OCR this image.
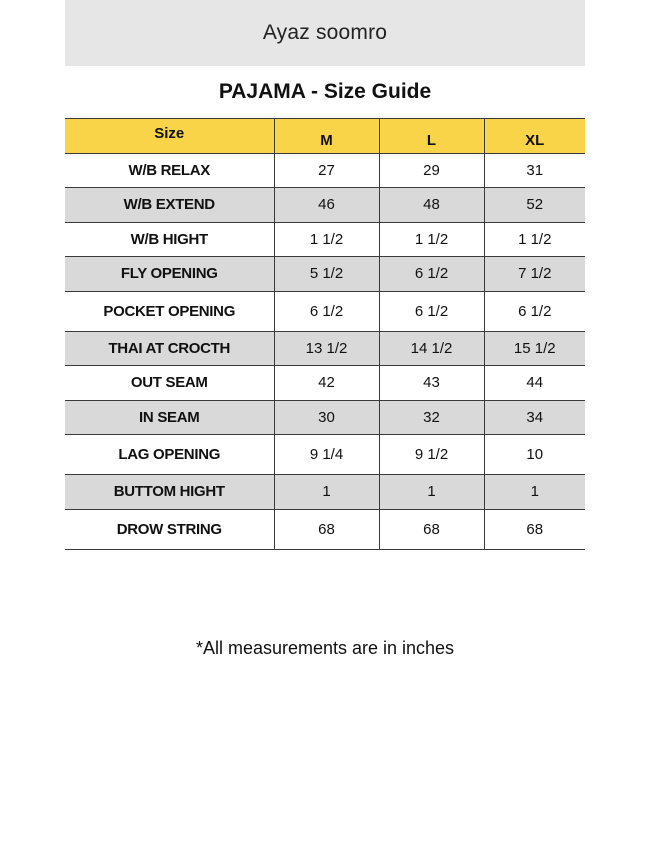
Ayaz soomro
PAJAMA - Size Guide
Size	M	L	XL
W/B RELAX	27	29	31
W/B EXTEND	46	48	52
W/B HIGHT	1 1/2	1 1/2	1 1/2
FLY OPENING	5 1/2	6 1/2	7 1/2
POCKET OPENING	6 1/2	6 1/2	6 1/2
THAI AT CROCTH	13 1/2	14 1/2	15 1/2
OUT SEAM	42	43	44
IN SEAM	30	32	34
LAG OPENING	9 1/4	9 1/2	10
BUTTOM HIGHT	1	1	1
DROW STRING	68	68	68
*All measurements are in inches
